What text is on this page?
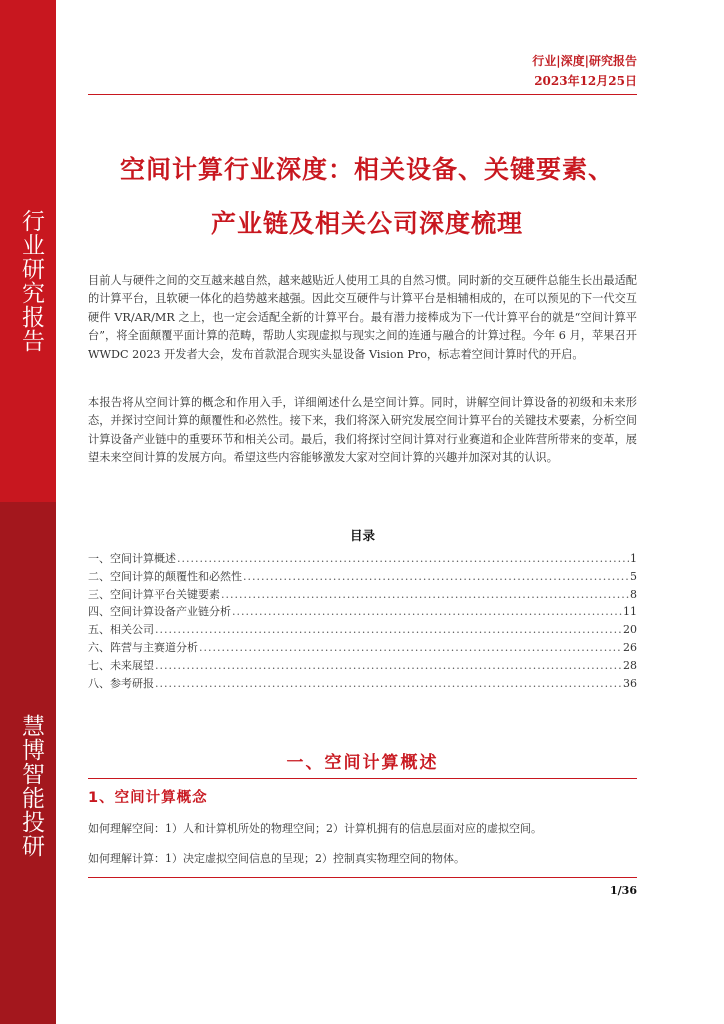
行业研究报告
慧博智能投研
行业|深度|研究报告
2023年12月25日
空间计算行业深度：相关设备、关键要素、
产业链及相关公司深度梳理

目前人与硬件之间的交互越来越自然，越来越贴近人使用工具的自然习惯。同时新的交互硬件总能生长出最适配的计算平台，且软硬一体化的趋势越来越强。因此交互硬件与计算平台是相辅相成的，在可以预见的下一代交互硬件 VR/AR/MR 之上，也一定会适配全新的计算平台。最有潜力接棒成为下一代计算平台的就是“空间计算平台”，将全面颠覆平面计算的范畴，帮助人实现虚拟与现实之间的连通与融合的计算过程。今年 6 月，苹果召开 WWDC 2023 开发者大会，发布首款混合现实头显设备 Vision Pro，标志着空间计算时代的开启。

本报告将从空间计算的概念和作用入手，详细阐述什么是空间计算。同时，讲解空间计算设备的初级和未来形态，并探讨空间计算的颠覆性和必然性。接下来，我们将深入研究发展空间计算平台的关键技术要素，分析空间计算设备产业链中的重要环节和相关公司。最后，我们将探讨空间计算对行业赛道和企业阵营所带来的变革，展望未来空间计算的发展方向。希望这些内容能够激发大家对空间计算的兴趣并加深对其的认识。

目录
一、空间计算概述 .....	1
二、空间计算的颠覆性和必然性 .....	5
三、空间计算平台关键要素 .....	8
四、空间计算设备产业链分析 .....	11
五、相关公司 .....	20
六、阵营与主赛道分析 .....	26
七、未来展望 .....	28
八、参考研报 .....	36
一、空间计算概述
1、空间计算概念
如何理解空间：1）人和计算机所处的物理空间；2）计算机拥有的信息层面对应的虚拟空间。
如何理解计算：1）决定虚拟空间信息的呈现；2）控制真实物理空间的物体。
1/36
